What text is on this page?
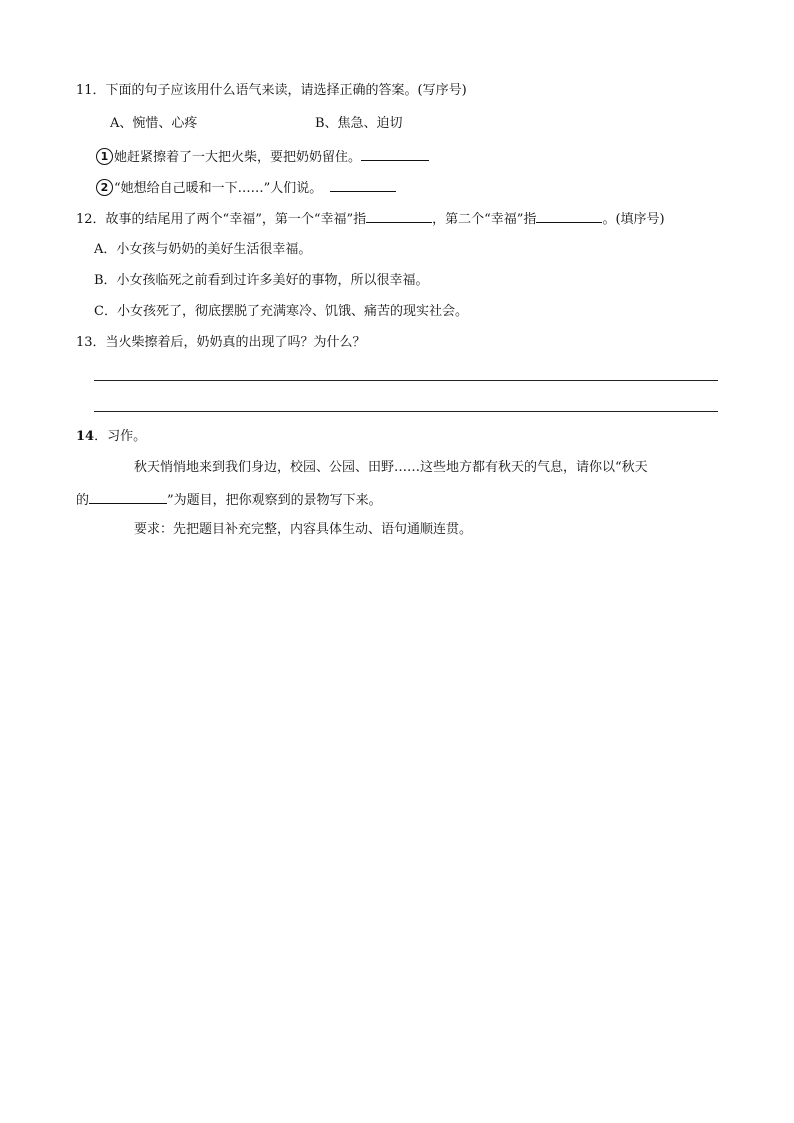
11．下面的句子应该用什么语气来读，请选择正确的答案。(写序号)
A、惋惜、心疼	B、焦急、迫切
1 她赶紧擦着了一大把火柴，要把奶奶留住。
2 “她想给自己暖和一下……”人们说。
12．故事的结尾用了两个“幸福”，第一个“幸福”指	，第二个“幸福”指	。(填序号)
A．小女孩与奶奶的美好生活很幸福。
B．小女孩临死之前看到过许多美好的事物，所以很幸福。
C．小女孩死了，彻底摆脱了充满寒冷、饥饿、痛苦的现实社会。
13．当火柴擦着后，奶奶真的出现了吗？为什么？
14．习作。
秋天悄悄地来到我们身边，校园、公园、田野……这些地方都有秋天的气息，请你以“秋天
的	”为题目，把你观察到的景物写下来。
要求：先把题目补充完整，内容具体生动、语句通顺连贯。
